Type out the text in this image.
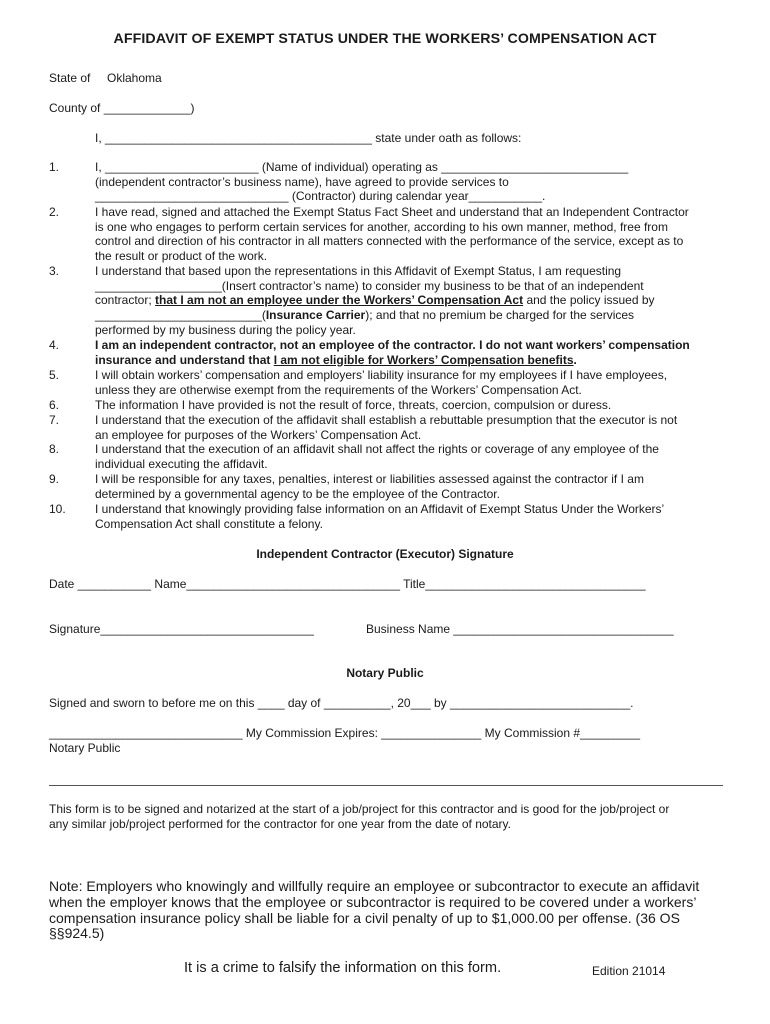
AFFIDAVIT OF EXEMPT STATUS UNDER THE WORKERS’ COMPENSATION ACT
State of Oklahoma
County of _____________)
I, ________________________________________ state under oath as follows:
1.	I, _______________________ (Name of individual) operating as ____________________________
(independent contractor’s business name), have agreed to provide services to
_____________________________ (Contractor) during calendar year___________.
2.	I have read, signed and attached the Exempt Status Fact Sheet and understand that an Independent Contractor
is one who engages to perform certain services for another, according to his own manner, method, free from
control and direction of his contractor in all matters connected with the performance of the service, except as to
the result or product of the work.
3.	I understand that based upon the representations in this Affidavit of Exempt Status, I am requesting
___________________(Insert contractor’s name) to consider my business to be that of an independent
contractor; that I am not an employee under the Workers’ Compensation Act and the policy issued by
_________________________(Insurance Carrier); and that no premium be charged for the services
performed by my business during the policy year.
4.	I am an independent contractor, not an employee of the contractor. I do not want workers’ compensation
insurance and understand that I am not eligible for Workers’ Compensation benefits.
5.	I will obtain workers’ compensation and employers’ liability insurance for my employees if I have employees,
unless they are otherwise exempt from the requirements of the Workers’ Compensation Act.
6.	The information I have provided is not the result of force, threats, coercion, compulsion or duress.
7.	I understand that the execution of the affidavit shall establish a rebuttable presumption that the executor is not
an employee for purposes of the Workers’ Compensation Act.
8.	I understand that the execution of an affidavit shall not affect the rights or coverage of any employee of the
individual executing the affidavit.
9.	I will be responsible for any taxes, penalties, interest or liabilities assessed against the contractor if I am
determined by a governmental agency to be the employee of the Contractor.
10. I understand that knowingly providing false information on an Affidavit of Exempt Status Under the Workers’
Compensation Act shall constitute a felony.
Independent Contractor (Executor) Signature
Date ___________ Name________________________________ Title_________________________________
Signature________________________________	Business Name _________________________________
Notary Public
Signed and sworn to before me on this ____ day of __________, 20___ by ___________________________.
_____________________________ My Commission Expires: _______________ My Commission #_________
Notary Public
This form is to be signed and notarized at the start of a job/project for this contractor and is good for the job/project or
any similar job/project performed for the contractor for one year from the date of notary.
Note: Employers who knowingly and willfully require an employee or subcontractor to execute an affidavit
when the employer knows that the employee or subcontractor is required to be covered under a workers’
compensation insurance policy shall be liable for a civil penalty of up to $1,000.00 per offense. (36 OS
§§924.5)
It is a crime to falsify the information on this form.	Edition 21014
